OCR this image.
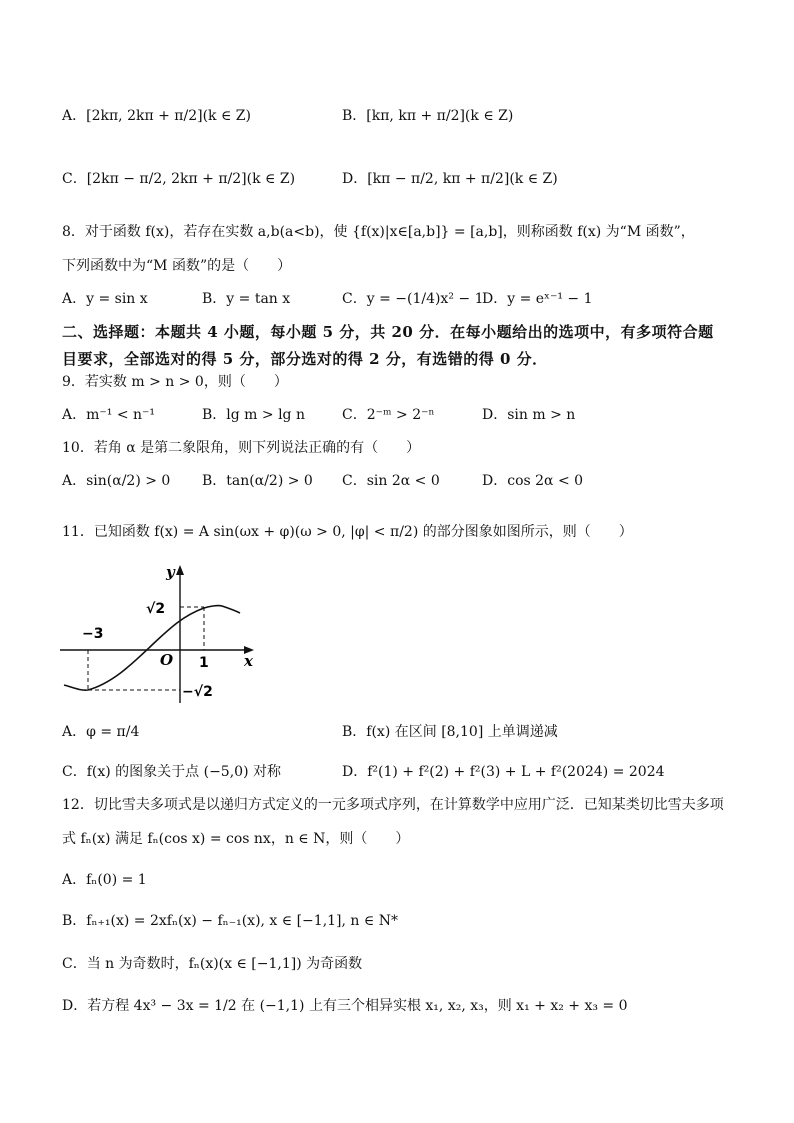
A．[2kπ, 2kπ + π/2](k ∈ Z)	B．[kπ, kπ + π/2](k ∈ Z)
C．[2kπ − π/2, 2kπ + π/2](k ∈ Z)	D．[kπ − π/2, kπ + π/2](k ∈ Z)
8．对于函数 f(x)，若存在实数 a,b(a<b)，使 {f(x)|x∈[a,b]} = [a,b]，则称函数 f(x) 为“M 函数”，
下列函数中为“M 函数”的是（　　）
A．y = sin x	B．y = tan x	C．y = −(1/4)x² − 1
D．y = eˣ⁻¹ − 1
二、选择题：本题共 4 小题，每小题 5 分，共 20 分．在每小题给出的选项中，有多项符合题
目要求，全部选对的得 5 分，部分选对的得 2 分，有选错的得 0 分．
9．若实数 m > n > 0，则（　　）
A．m⁻¹ < n⁻¹	B．lg m > lg n	C．2⁻ᵐ > 2⁻ⁿ	D．sin m > n
10．若角 α 是第二象限角，则下列说法正确的有（　　）
A．sin(α/2) > 0 B．tan(α/2) > 0 C．sin 2α < 0	D．cos 2α < 0
11．已知函数 f(x) = A sin(ωx + φ)(ω > 0, |φ| < π/2) 的部分图象如图所示，则（　　）
y
x
O
√2
−√2
−3
1
A．φ = π/4	B．f(x) 在区间 [8,10] 上单调递减
C．f(x) 的图象关于点 (−5,0) 对称	D．f²(1) + f²(2) + f²(3) + L + f²(2024) = 2024
12．切比雪夫多项式是以递归方式定义的一元多项式序列，在计算数学中应用广泛．已知某类切比雪夫多项
式 fₙ(x) 满足 fₙ(cos x) = cos nx，n ∈ N，则（　　）
A．fₙ(0) = 1
B．fₙ₊₁(x) = 2xfₙ(x) − fₙ₋₁(x), x ∈ [−1,1], n ∈ N*
C．当 n 为奇数时，fₙ(x)(x ∈ [−1,1]) 为奇函数
D．若方程 4x³ − 3x = 1/2 在 (−1,1) 上有三个相异实根 x₁, x₂, x₃，则 x₁ + x₂ + x₃ = 0
